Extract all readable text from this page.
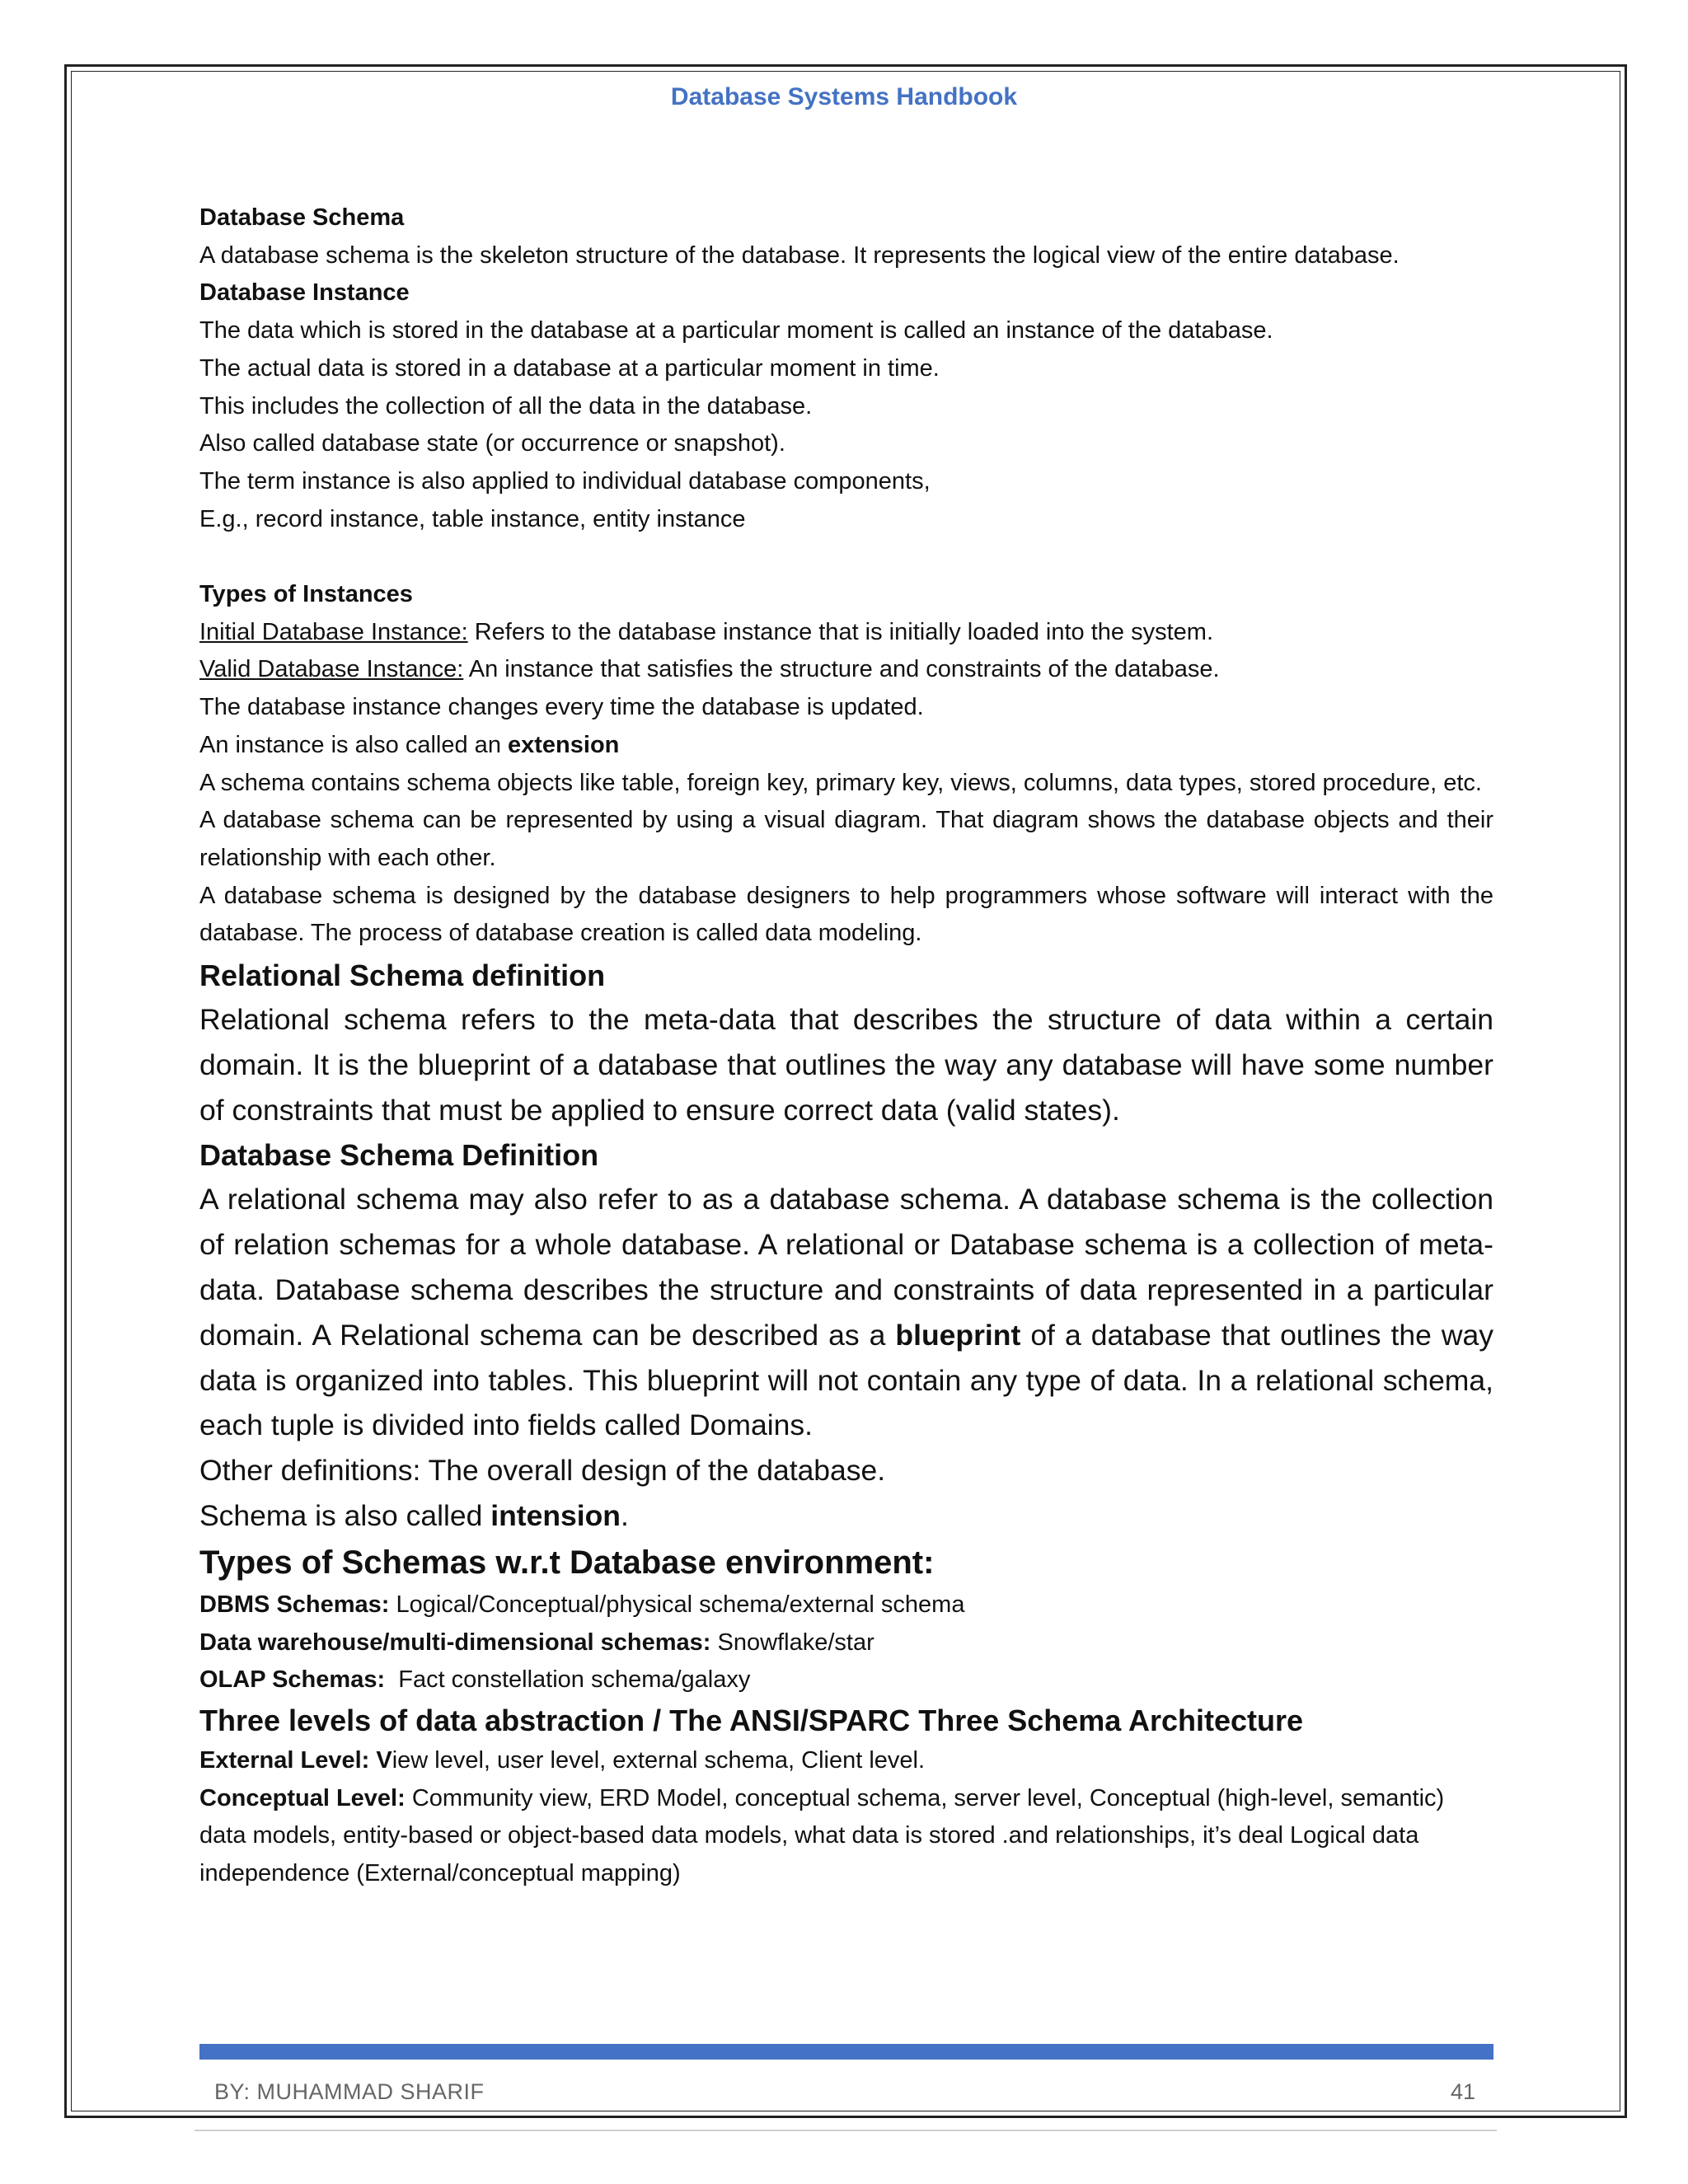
Database Systems Handbook

Database Schema

A database schema is the skeleton structure of the database. It represents the logical view of the entire database.

Database Instance

The data which is stored in the database at a particular moment is called an instance of the database.

The actual data is stored in a database at a particular moment in time.

This includes the collection of all the data in the database.

Also called database state (or occurrence or snapshot).

The term instance is also applied to individual database components,

E.g., record instance, table instance, entity instance

Types of Instances

Initial Database Instance: Refers to the database instance that is initially loaded into the system.

Valid Database Instance: An instance that satisfies the structure and constraints of the database.

The database instance changes every time the database is updated.

An instance is also called an extension

A schema contains schema objects like table, foreign key, primary key, views, columns, data types, stored procedure, etc.

A database schema can be represented by using a visual diagram. That diagram shows the database objects and their relationship with each other.

A database schema is designed by the database designers to help programmers whose software will interact with the database. The process of database creation is called data modeling.

Relational Schema definition

Relational schema refers to the meta-data that describes the structure of data within a certain domain. It is the blueprint of a database that outlines the way any database will have some number of constraints that must be applied to ensure correct data (valid states).

Database Schema Definition

A relational schema may also refer to as a database schema. A database schema is the collection of relation schemas for a whole database. A relational or Database schema is a collection of meta-data. Database schema describes the structure and constraints of data represented in a particular domain. A Relational schema can be described as a blueprint of a database that outlines the way data is organized into tables. This blueprint will not contain any type of data. In a relational schema, each tuple is divided into fields called Domains.

Other definitions: The overall design of the database.

Schema is also called intension.

Types of Schemas w.r.t Database environment:

DBMS Schemas: Logical/Conceptual/physical schema/external schema

Data warehouse/multi-dimensional schemas: Snowflake/star

OLAP Schemas:  Fact constellation schema/galaxy

Three levels of data abstraction / The ANSI/SPARC Three Schema Architecture

External Level: View level, user level, external schema, Client level.

Conceptual Level: Community view, ERD Model, conceptual schema, server level, Conceptual (high-level, semantic) data models, entity-based or object-based data models, what data is stored .and relationships, it’s deal Logical data independence (External/conceptual mapping)

BY: MUHAMMAD SHARIF	41
